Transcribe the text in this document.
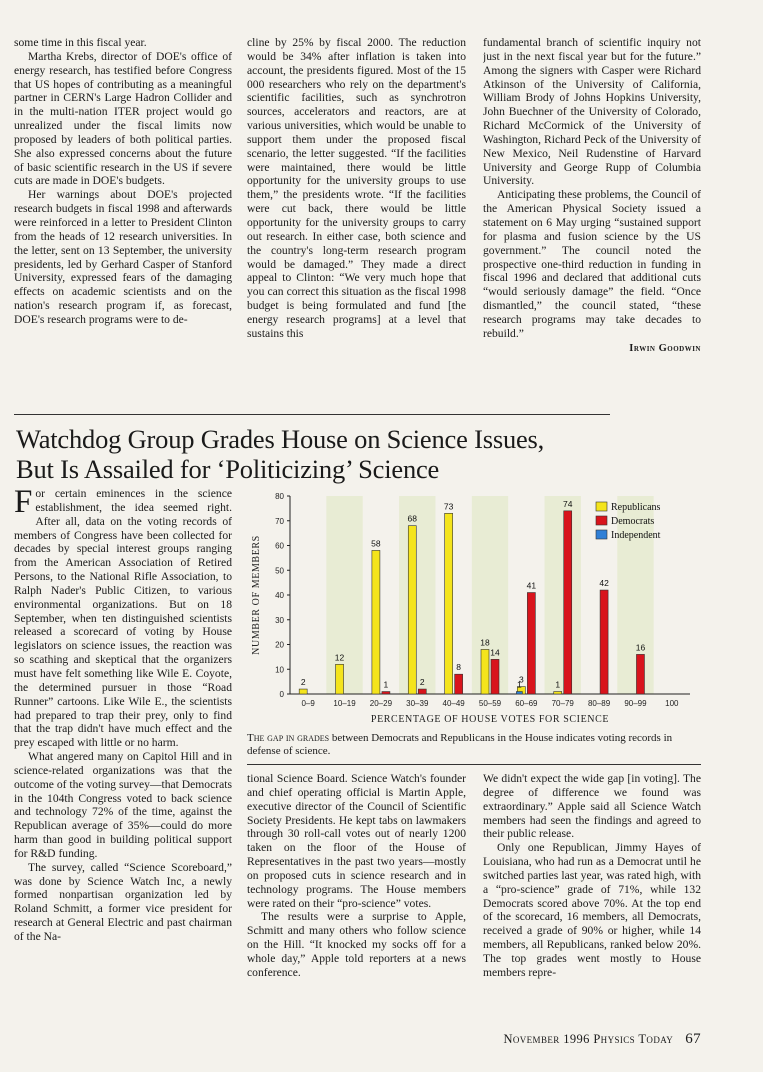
some time in this fiscal year.

Martha Krebs, director of DOE's office of energy research, has testified before Congress that US hopes of contributing as a meaningful partner in CERN's Large Hadron Collider and in the multi-nation ITER project would go unrealized under the fiscal limits now proposed by leaders of both political parties. She also expressed concerns about the future of basic scientific research in the US if severe cuts are made in DOE's budgets.

Her warnings about DOE's projected research budgets in fiscal 1998 and afterwards were reinforced in a letter to President Clinton from the heads of 12 research universities. In the letter, sent on 13 September, the university presidents, led by Gerhard Casper of Stanford University, expressed fears of the damaging effects on academic scientists and on the nation's research program if, as forecast, DOE's research programs were to de-

cline by 25% by fiscal 2000. The reduction would be 34% after inflation is taken into account, the presidents figured. Most of the 15 000 researchers who rely on the department's scientific facilities, such as synchrotron sources, accelerators and reactors, are at various universities, which would be unable to support them under the proposed fiscal scenario, the letter suggested. “If the facilities were maintained, there would be little opportunity for the university groups to use them,” the presidents wrote. “If the facilities were cut back, there would be little opportunity for the university groups to carry out research. In either case, both science and the country's long-term research program would be damaged.” They made a direct appeal to Clinton: “We very much hope that you can correct this situation as the fiscal 1998 budget is being formulated and fund [the energy research programs] at a level that sustains this

fundamental branch of scientific inquiry not just in the next fiscal year but for the future.” Among the signers with Casper were Richard Atkinson of the University of California, William Brody of Johns Hopkins University, John Buechner of the University of Colorado, Richard McCormick of the University of Washington, Richard Peck of the University of New Mexico, Neil Rudenstine of Harvard University and George Rupp of Columbia University.

Anticipating these problems, the Council of the American Physical Society issued a statement on 6 May urging “sustained support for plasma and fusion science by the US government.” The council noted the prospective one-third reduction in funding in fiscal 1996 and declared that additional cuts “would seriously damage” the field. “Once dismantled,” the council stated, “these research programs may take decades to rebuild.”

Irwin Goodwin
Watchdog Group Grades House on Science Issues,
But Is Assailed for ‘Politicizing’ Science

For certain eminences in the science establishment, the idea seemed right. After all, data on the voting records of members of Congress have been collected for decades by special interest groups ranging from the American Association of Retired Persons, to the National Rifle Association, to Ralph Nader's Public Citizen, to various environmental organizations. But on 18 September, when ten distinguished scientists released a scorecard of voting by House legislators on science issues, the reaction was so scathing and skeptical that the organizers must have felt something like Wile E. Coyote, the determined pursuer in those “Road Runner” cartoons. Like Wile E., the scientists had prepared to trap their prey, only to find that the trap didn't have much effect and the prey escaped with little or no harm.

What angered many on Capitol Hill and in science-related organizations was that the outcome of the voting survey—that Democrats in the 104th Congress voted to back science and technology 72% of the time, against the Republican average of 35%—could do more harm than good in building political support for R&D funding.

The survey, called “Science Scoreboard,” was done by Science Watch Inc, a newly formed nonpartisan organization led by Roland Schmitt, a former vice president for research at General Electric and past chairman of the Na-

0
10
20
30
40
50
60
70
80
0–9 10–19 20–29 30–39 40–49 50–59 60–69 70–79 80–89 90–99 100
2
12
58
68
73
18
3	1
1	2
8
14
41
74
42
16
1
PERCENTAGE OF HOUSE VOTES FOR SCIENCE
NUMBER OF MEMBERS
Republicans
Democrats
Independent
The gap in grades between Democrats and Republicans in the House indicates voting records in defense of science.

tional Science Board. Science Watch's founder and chief operating official is Martin Apple, executive director of the Council of Scientific Society Presidents. He kept tabs on lawmakers through 30 roll-call votes out of nearly 1200 taken on the floor of the House of Representatives in the past two years—mostly on proposed cuts in science research and in technology programs. The House members were rated on their “pro-science” votes.

The results were a surprise to Apple, Schmitt and many others who follow science on the Hill. “It knocked my socks off for a whole day,” Apple told reporters at a news conference.

We didn't expect the wide gap [in voting]. The degree of difference we found was extraordinary.” Apple said all Science Watch members had seen the findings and agreed to their public release.

Only one Republican, Jimmy Hayes of Louisiana, who had run as a Democrat until he switched parties last year, was rated high, with a “pro-science” grade of 71%, while 132 Democrats scored above 70%. At the top end of the scorecard, 16 members, all Democrats, received a grade of 90% or higher, while 14 members, all Republicans, ranked below 20%. The top grades went mostly to House members repre-

November 1996 Physics Today 67
